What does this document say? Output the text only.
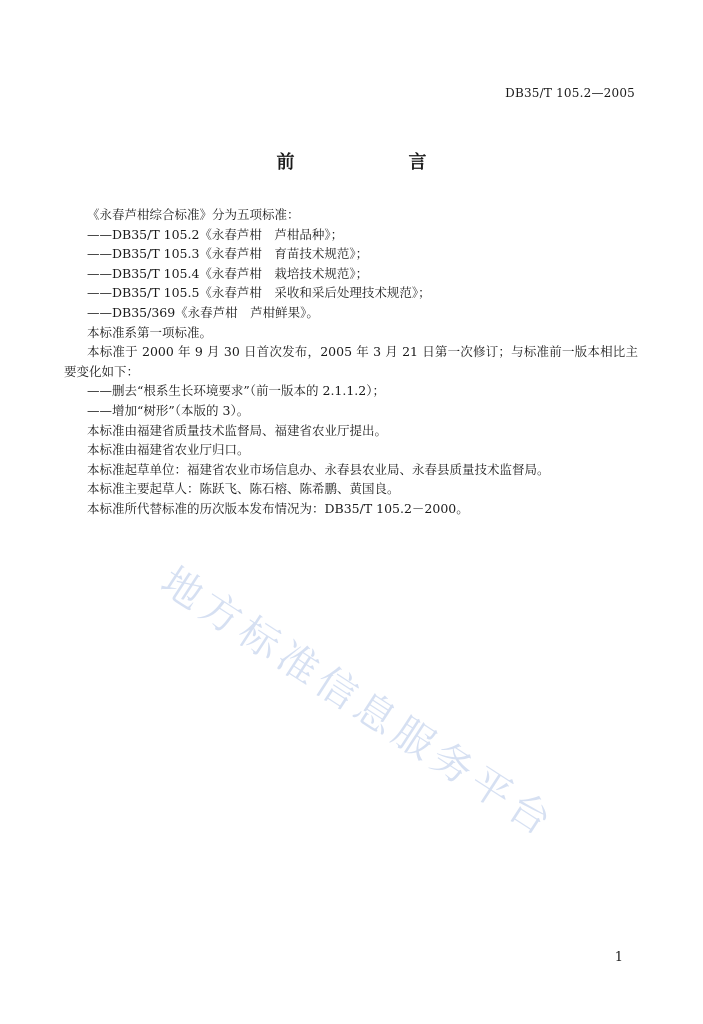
DB35/T 105.2—2005
前　　言

《永春芦柑综合标准》分为五项标准：

——DB35/T 105.2《永春芦柑　芦柑品种》；

——DB35/T 105.3《永春芦柑　育苗技术规范》；

——DB35/T 105.4《永春芦柑　栽培技术规范》；

——DB35/T 105.5《永春芦柑　采收和采后处理技术规范》；

——DB35/369《永春芦柑　芦柑鲜果》。

本标准系第一项标准。

本标准于 2000 年 9 月 30 日首次发布，2005 年 3 月 21 日第一次修订；与标准前一版本相比主要变化如下：

——删去“根系生长环境要求”（前一版本的 2.1.1.2）；

——增加“树形”（本版的 3）。

本标准由福建省质量技术监督局、福建省农业厅提出。

本标准由福建省农业厅归口。

本标准起草单位：福建省农业市场信息办、永春县农业局、永春县质量技术监督局。

本标准主要起草人：陈跃飞、陈石榕、陈希鹏、黄国良。

本标准所代替标准的历次版本发布情况为：DB35/T 105.2－2000。

地方标准信息服务平台
1
